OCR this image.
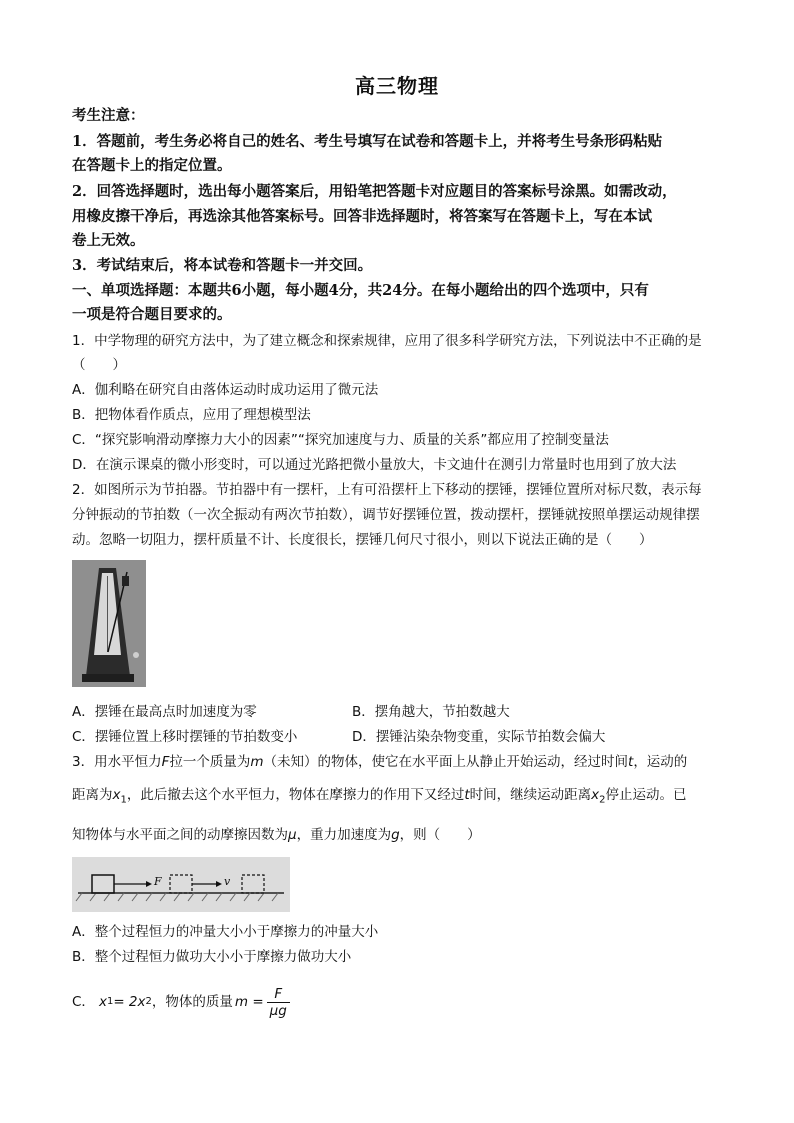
高三物理
考生注意：
1．答题前，考生务必将自己的姓名、考生号填写在试卷和答题卡上，并将考生号条形码粘贴
在答题卡上的指定位置。
2．回答选择题时，选出每小题答案后，用铅笔把答题卡对应题目的答案标号涂黑。如需改动，
用橡皮擦干净后，再选涂其他答案标号。回答非选择题时，将答案写在答题卡上，写在本试
卷上无效。
3．考试结束后，将本试卷和答题卡一并交回。
一、单项选择题：本题共6小题，每小题4分，共24分。在每小题给出的四个选项中，只有
一项是符合题目要求的。
1．中学物理的研究方法中，为了建立概念和探索规律，应用了很多科学研究方法，下列说法中不正确的是
（　　）
A．伽利略在研究自由落体运动时成功运用了微元法
B．把物体看作质点，应用了理想模型法
C．“探究影响滑动摩擦力大小的因素”“探究加速度与力、质量的关系”都应用了控制变量法
D．在演示课桌的微小形变时，可以通过光路把微小量放大，卡文迪什在测引力常量时也用到了放大法
2．如图所示为节拍器。节拍器中有一摆杆，上有可沿摆杆上下移动的摆锤，摆锤位置所对标尺数，表示每
分钟振动的节拍数（一次全振动有两次节拍数），调节好摆锤位置，拨动摆杆，摆锤就按照单摆运动规律摆
动。忽略一切阻力，摆杆质量不计、长度很长，摆锤几何尺寸很小，则以下说法正确的是（　　）
A．摆锤在最高点时加速度为零	B．摆角越大，节拍数越大
C．摆锤位置上移时摆锤的节拍数变小	D．摆锤沾染杂物变重，实际节拍数会偏大
3．用水平恒力F拉一个质量为m（未知）的物体，使它在水平面上从静止开始运动，经过时间t，运动的
距离为$x_1$，此后撤去这个水平恒力，物体在摩擦力的作用下又经过t时间，继续运动距离$x_2$停止运动。已
知物体与水平面之间的动摩擦因数为μ，重力加速度为g，则（　　）
F	v
A．整个过程恒力的冲量大小小于摩擦力的冲量大小
B．整个过程恒力做功大小小于摩擦力做功大小
C． x 1 = 2x 2 ，物体的质量 $m = \frac{F}{\mu g}$
